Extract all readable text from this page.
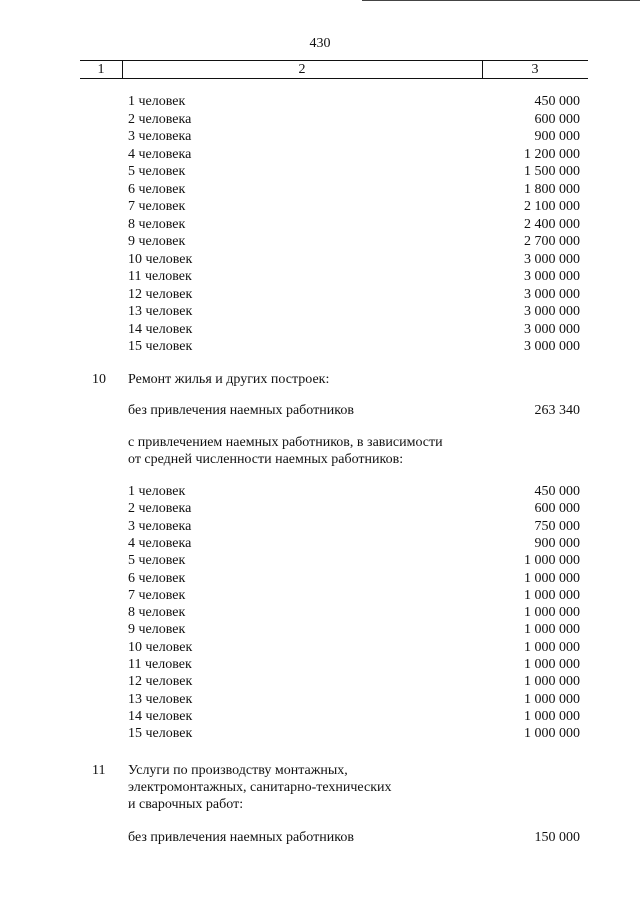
430
1	2	3
1 человек	450 000
2 человека	600 000
3 человека	900 000
4 человека	1 200 000
5 человек	1 500 000
6 человек	1 800 000
7 человек	2 100 000
8 человек	2 400 000
9 человек	2 700 000
10 человек	3 000 000
11 человек	3 000 000
12 человек	3 000 000
13 человек	3 000 000
14 человек	3 000 000
15 человек	3 000 000
10 Ремонт жилья и других построек:
без привлечения наемных работников	263 340
с привлечением наемных работников, в зависимости
от средней численности наемных работников:
1 человек	450 000
2 человека	600 000
3 человека	750 000
4 человека	900 000
5 человек	1 000 000
6 человек	1 000 000
7 человек	1 000 000
8 человек	1 000 000
9 человек	1 000 000
10 человек	1 000 000
11 человек	1 000 000
12 человек	1 000 000
13 человек	1 000 000
14 человек	1 000 000
15 человек	1 000 000
11 Услуги по производству монтажных,
электромонтажных, санитарно-технических
и сварочных работ:
без привлечения наемных работников	150 000
